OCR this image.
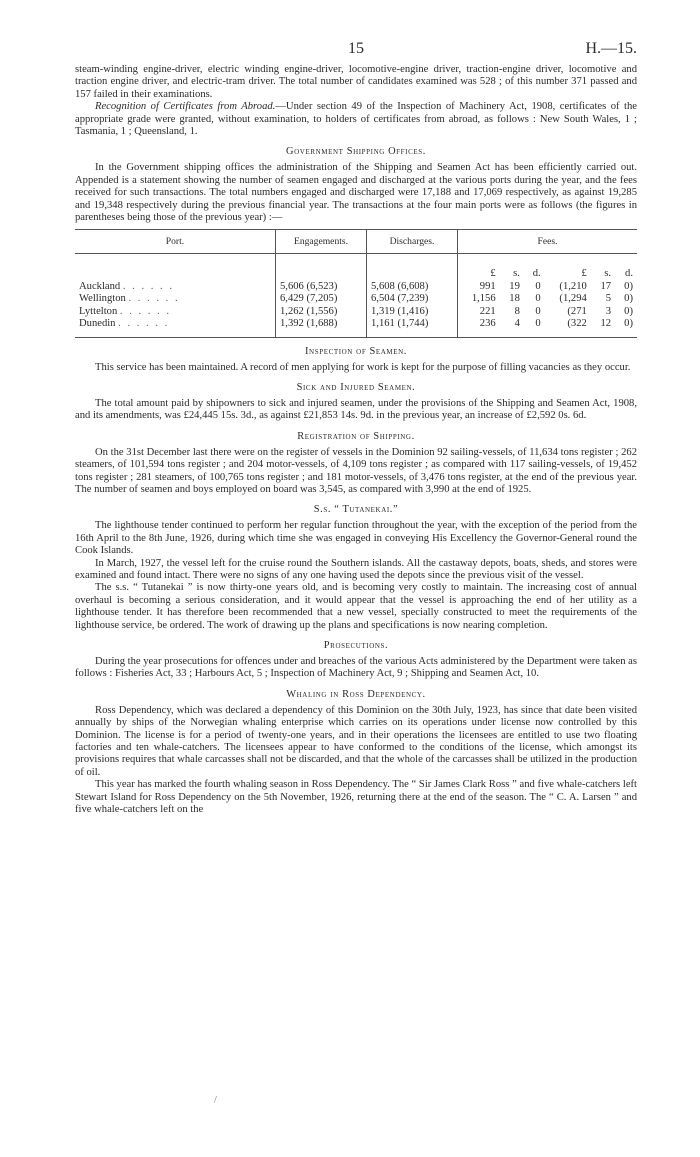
15	H.—15.

steam-winding engine-driver, electric winding engine-driver, locomotive-engine driver, traction-engine driver, locomotive and traction engine driver, and electric-tram driver. The total number of candidates examined was 528 ; of this number 371 passed and 157 failed in their examinations.

Recognition of Certificates from Abroad.—Under section 49 of the Inspection of Machinery Act, 1908, certificates of the appropriate grade were granted, without examination, to holders of certificates from abroad, as follows : New South Wales, 1 ; Tasmania, 1 ; Queensland, 1.

Government Shipping Offices.

In the Government shipping offices the administration of the Shipping and Seamen Act has been efficiently carried out. Appended is a statement showing the number of seamen engaged and discharged at the various ports during the year, and the fees received for such transactions. The total numbers engaged and discharged were 17,188 and 17,069 respectively, as against 19,285 and 19,348 respectively during the previous financial year. The transactions at the four main ports were as follows (the figures in parentheses being those of the previous year) :—

Port.	Engagements.	Discharges.	Fees.					
			£	s.	d.	£	s.	d.
Auckland . . . . . .	5,606 (6,523)	5,608 (6,608)	991	19	0	(1,210	17	0)
Wellington . . . . . .	6,429 (7,205)	6,504 (7,239)	1,156	18	0	(1,294	5	0)
Lyttelton . . . . . .	1,262 (1,556)	1,319 (1,416)	221	8	0	(271	3	0)
Dunedin . . . . . .	1,392 (1,688)	1,161 (1,744)	236	4	0	(322	12	0)
Inspection of Seamen.

This service has been maintained. A record of men applying for work is kept for the purpose of filling vacancies as they occur.

Sick and Injured Seamen.

The total amount paid by shipowners to sick and injured seamen, under the provisions of the Shipping and Seamen Act, 1908, and its amendments, was £24,445 15s. 3d., as against £21,853 14s. 9d. in the previous year, an increase of £2,592 0s. 6d.

Registration of Shipping.

On the 31st December last there were on the register of vessels in the Dominion 92 sailing-vessels, of 11,634 tons register ; 262 steamers, of 101,594 tons register ; and 204 motor-vessels, of 4,109 tons register ; as compared with 117 sailing-vessels, of 19,452 tons register ; 281 steamers, of 100,765 tons register ; and 181 motor-vessels, of 3,476 tons register, at the end of the previous year. The number of seamen and boys employed on board was 3,545, as compared with 3,990 at the end of 1925.

S.s. “ Tutanekai.”

The lighthouse tender continued to perform her regular function throughout the year, with the exception of the period from the 16th April to the 8th June, 1926, during which time she was engaged in conveying His Excellency the Governor-General round the Cook Islands.

In March, 1927, the vessel left for the cruise round the Southern islands. All the castaway depots, boats, sheds, and stores were examined and found intact. There were no signs of any one having used the depots since the previous visit of the vessel.

The s.s. “ Tutanekai ” is now thirty-one years old, and is becoming very costly to maintain. The increasing cost of annual overhaul is becoming a serious consideration, and it would appear that the vessel is approaching the end of her utility as a lighthouse tender. It has therefore been recommended that a new vessel, specially constructed to meet the requirements of the lighthouse service, be ordered. The work of drawing up the plans and specifications is now nearing completion.

Prosecutions.

During the year prosecutions for offences under and breaches of the various Acts administered by the Department were taken as follows : Fisheries Act, 33 ; Harbours Act, 5 ; Inspection of Machinery Act, 9 ; Shipping and Seamen Act, 10.

Whaling in Ross Dependency.

Ross Dependency, which was declared a dependency of this Dominion on the 30th July, 1923, has since that date been visited annually by ships of the Norwegian whaling enterprise which carries on its operations under license now controlled by this Dominion. The license is for a period of twenty-one years, and in their operations the licensees are entitled to use two floating factories and ten whale-catchers. The licensees appear to have conformed to the conditions of the license, which amongst its provisions requires that whale carcasses shall not be discarded, and that the whole of the carcasses shall be utilized in the production of oil.

This year has marked the fourth whaling season in Ross Dependency. The “ Sir James Clark Ross ” and five whale-catchers left Stewart Island for Ross Dependency on the 5th November, 1926, returning there at the end of the season. The “ C. A. Larsen ” and five whale-catchers left on the

/
